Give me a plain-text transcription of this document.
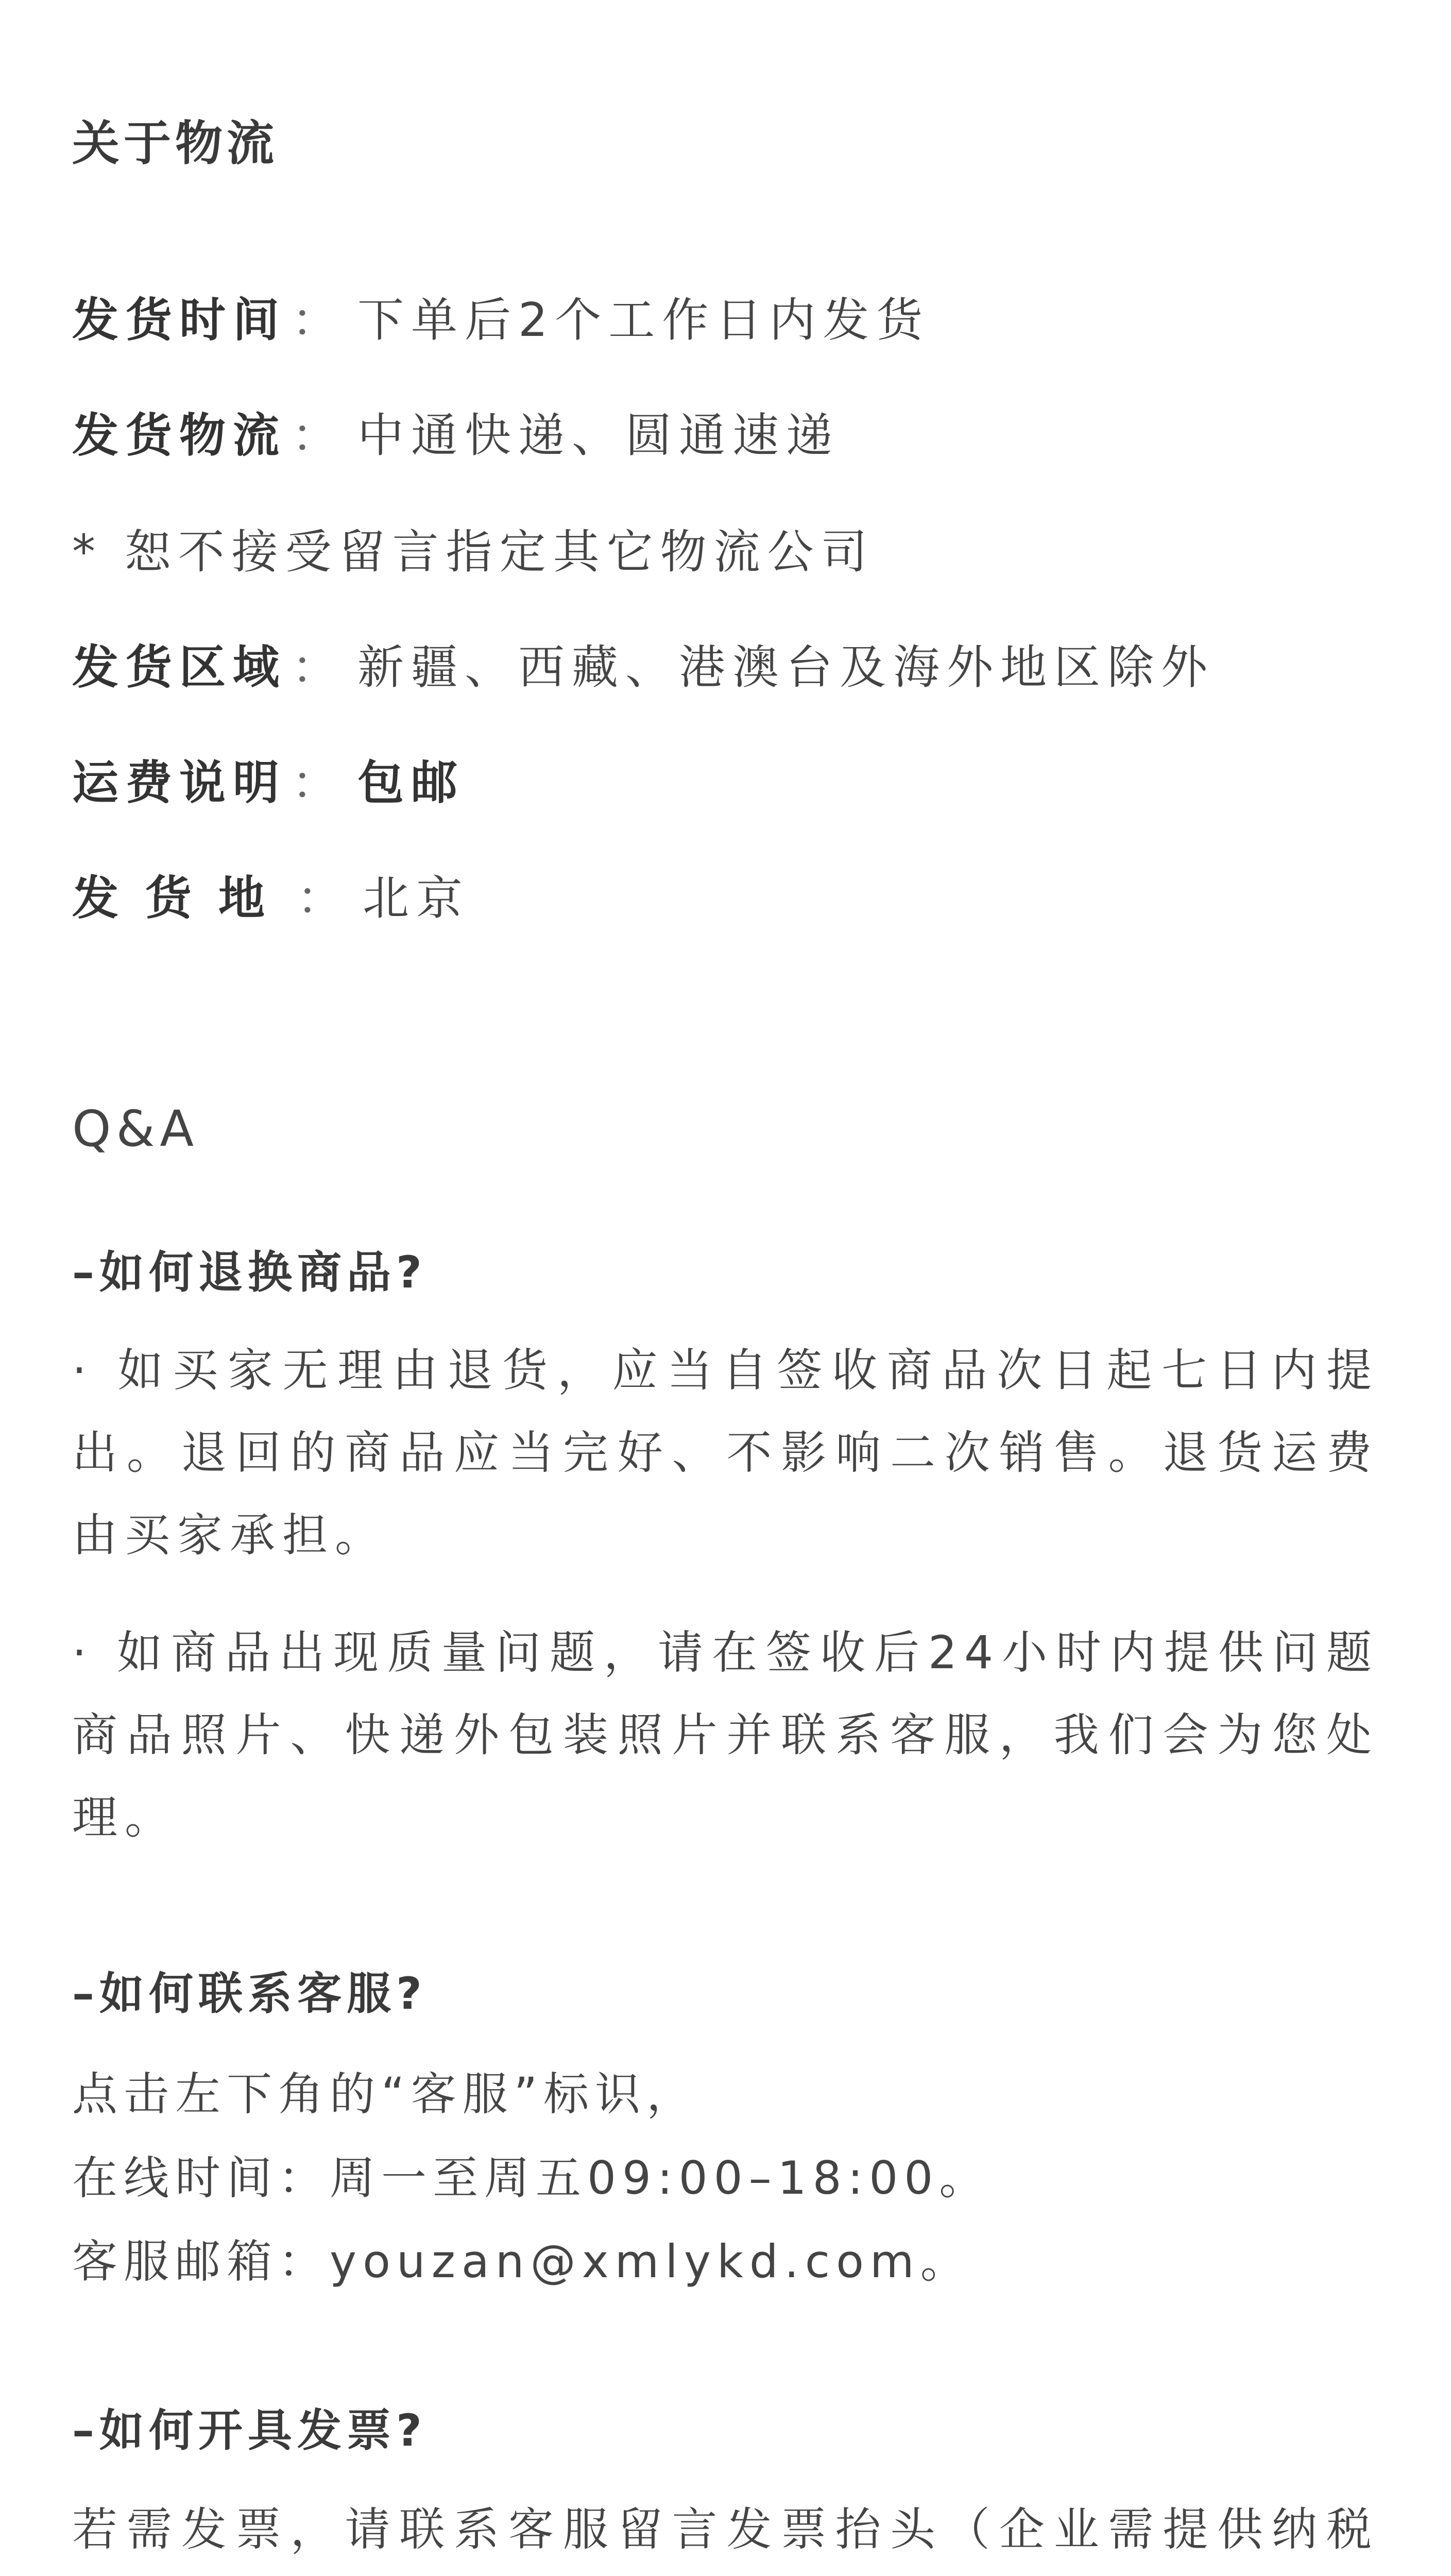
关于物流
发货时间 ： 下单后2个工作日内发货
发货物流 ： 中通快递、圆通速递
* 恕不接受留言指定其它物流公司
发货区域 ： 新疆、西藏、港澳台及海外地区除外
运费说明 ： 包邮
发货地 ： 北京
Q&A
–如何退换商品?
· 如买家无理由退货，应当自签收商品次日起七日内提出。退回的商品应当完好、不影响二次销售。退货运费由买家承担。
· 如商品出现质量问题，请在签收后24小时内提供问题商品照片、快递外包装照片并联系客服，我们会为您处理。
–如何联系客服?
点击左下角的“客服”标识，
在线时间：周一至周五09:00–18:00。
客服邮箱：youzan@xmlykd.com。
–如何开具发票?
若需发票，请联系客服留言发票抬头（企业需提供纳税
